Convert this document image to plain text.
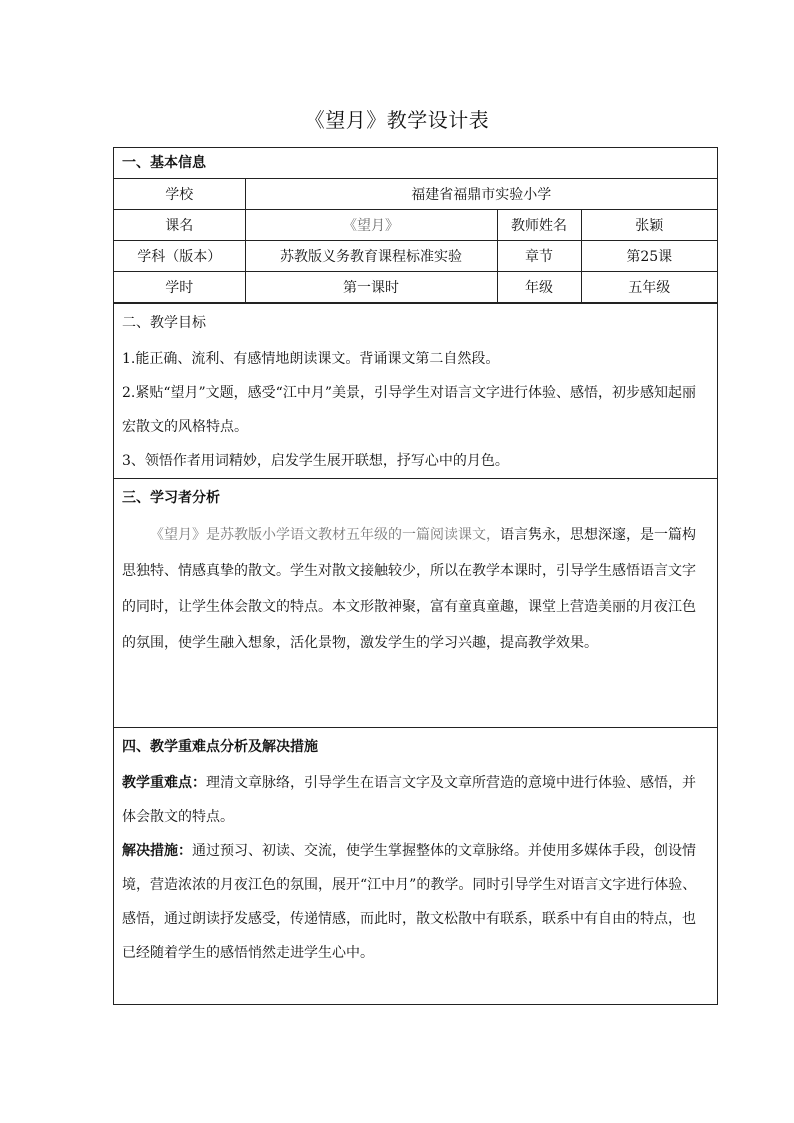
《望月》教学设计表
一、基本信息
学校	福建省福鼎市实验小学		
课名	《望月》	教师姓名	张颖
学科（版本）	苏教版义务教育课程标准实验	章节	第25课
学时	第一课时	年级	五年级
二、教学目标

1.能正确、流利、有感情地朗读课文。背诵课文第二自然段。

2.紧贴“望月”文题，感受“江中月”美景，引导学生对语言文字进行体验、感悟，初步感知起丽宏散文的风格特点。

3、领悟作者用词精妙，启发学生展开联想，抒写心中的月色。

三、学习者分析

《望月》是苏教版小学语文教材五年级的一篇阅读课文，语言隽永，思想深邃，是一篇构思独特、情感真挚的散文。学生对散文接触较少，所以在教学本课时，引导学生感悟语言文字的同时，让学生体会散文的特点。本文形散神聚，富有童真童趣，课堂上营造美丽的月夜江色的氛围，使学生融入想象，活化景物，激发学生的学习兴趣，提高教学效果。

四、教学重难点分析及解决措施

教学重难点：理清文章脉络，引导学生在语言文字及文章所营造的意境中进行体验、感悟，并体会散文的特点。

解决措施：通过预习、初读、交流，使学生掌握整体的文章脉络。并使用多媒体手段，创设情境，营造浓浓的月夜江色的氛围，展开“江中月”的教学。同时引导学生对语言文字进行体验、感悟，通过朗读抒发感受，传递情感，而此时，散文松散中有联系，联系中有自由的特点，也已经随着学生的感悟悄然走进学生心中。
